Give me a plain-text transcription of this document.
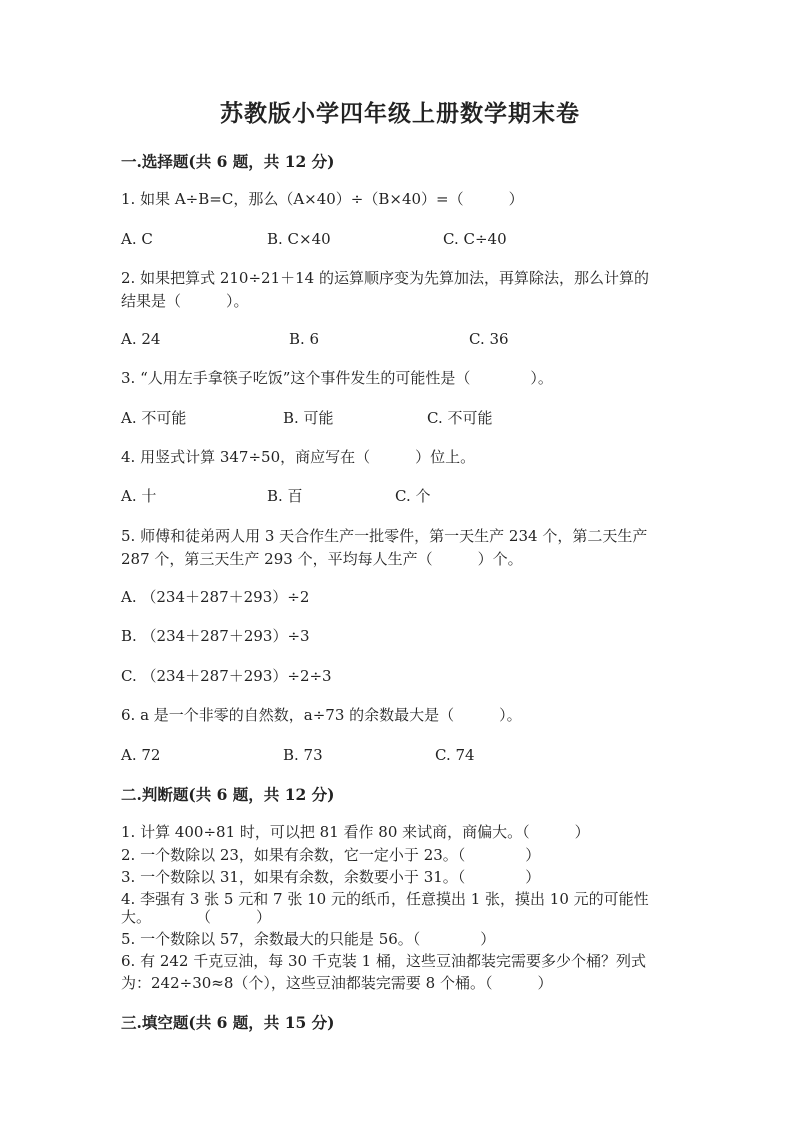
苏教版小学四年级上册数学期末卷
一.选择题(共 6 题，共 12 分)
1. 如果 A÷B=C，那么（A×40）÷（B×40）=（　　　）
A. C	B. C×40	C. C÷40
2. 如果把算式 210÷21＋14 的运算顺序变为先算加法，再算除法，那么计算的
结果是（　　　）。
A. 24	B. 6	C. 36
3. “人用左手拿筷子吃饭”这个事件发生的可能性是（　　　　）。
A. 不可能	B. 可能	C. 不可能
4. 用竖式计算 347÷50，商应写在（　　　）位上。
A. 十	B. 百	C. 个
5. 师傅和徒弟两人用 3 天合作生产一批零件，第一天生产 234 个，第二天生产
287 个，第三天生产 293 个，平均每人生产（　　　）个。
A. （234＋287＋293）÷2
B. （234＋287＋293）÷3
C. （234＋287＋293）÷2÷3
6. a 是一个非零的自然数，a÷73 的余数最大是（　　　）。
A. 72	B. 73	C. 74
二.判断题(共 6 题，共 12 分)
1. 计算 400÷81 时，可以把 81 看作 80 来试商，商偏大。（　　　）
2. 一个数除以 23，如果有余数，它一定小于 23。（　　　　）
3. 一个数除以 31，如果有余数，余数要小于 31。（　　　　）
4. 李强有 3 张 5 元和 7 张 10 元的纸币，任意摸出 1 张，摸出 10 元的可能性
大。　　　　（　　　）
5. 一个数除以 57，余数最大的只能是 56。（　　　　）
6. 有 242 千克豆油，每 30 千克装 1 桶，这些豆油都装完需要多少个桶？列式
为：242÷30≈8（个），这些豆油都装完需要 8 个桶。（　　　）
三.填空题(共 6 题，共 15 分)
